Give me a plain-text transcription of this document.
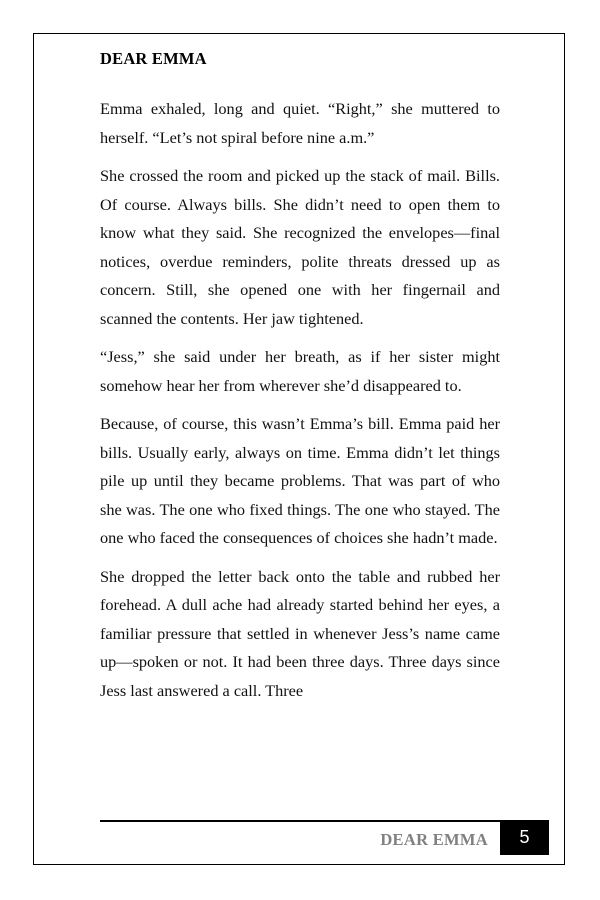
DEAR EMMA

Emma exhaled, long and quiet. “Right,” she muttered to herself. “Let’s not spiral before nine a.m.”

She crossed the room and picked up the stack of mail. Bills. Of course. Always bills. She didn’t need to open them to know what they said. She recognized the envelopes—final notices, overdue reminders, polite threats dressed up as concern. Still, she opened one with her fingernail and scanned the contents. Her jaw tightened.

“Jess,” she said under her breath, as if her sister might somehow hear her from wherever she’d disappeared to.

Because, of course, this wasn’t Emma’s bill. Emma paid her bills. Usually early, always on time. Emma didn’t let things pile up until they became problems. That was part of who she was. The one who fixed things. The one who stayed. The one who faced the consequences of choices she hadn’t made.

She dropped the letter back onto the table and rubbed her forehead. A dull ache had already started behind her eyes, a familiar pressure that settled in whenever Jess’s name came up—spoken or not. It had been three days. Three days since Jess last answered a call. Three

DEAR EMMA	5
